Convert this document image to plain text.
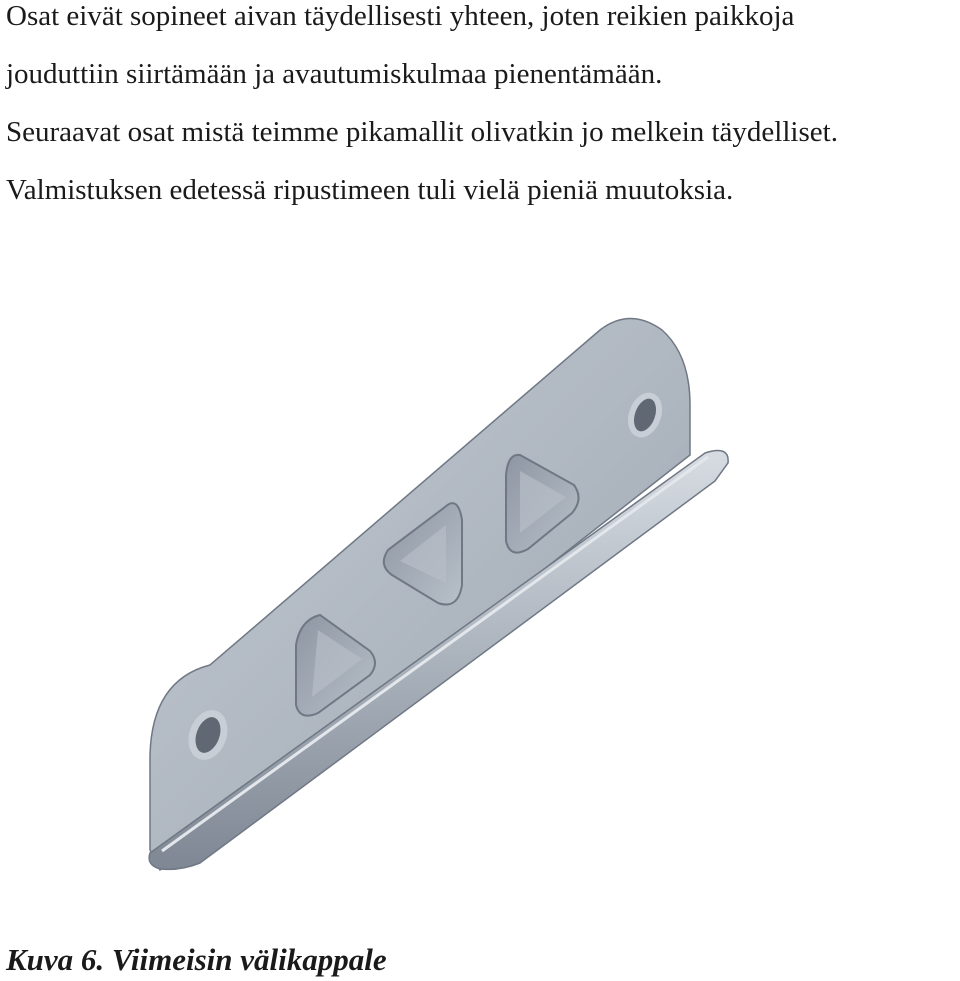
Osat eivät sopineet aivan täydellisesti yhteen, joten reikien paikkoja
jouduttiin siirtämään ja avautumiskulmaa pienentämään.
Seuraavat osat mistä teimme pikamallit olivatkin jo melkein täydelliset.
Valmistuksen edetessä ripustimeen tuli vielä pieniä muutoksia.
Kuva 6. Viimeisin välikappale
